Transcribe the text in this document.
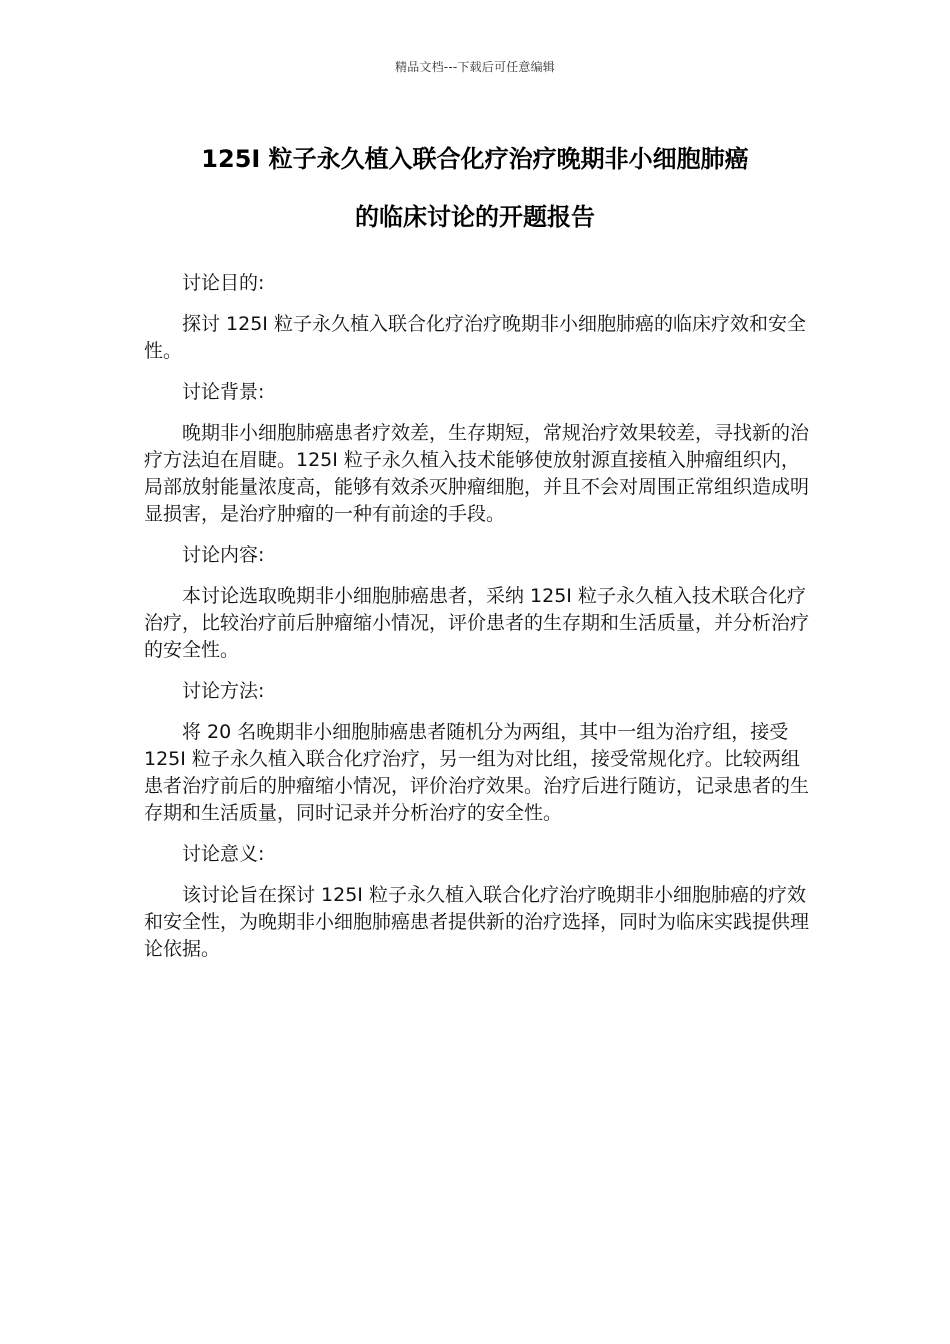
精品文档---下载后可任意编辑
125I 粒子永久植入联合化疗治疗晚期非小细胞肺癌
的临床讨论的开题报告

讨论目的:

探讨 125I 粒子永久植入联合化疗治疗晚期非小细胞肺癌的临床疗效和安全性。

讨论背景:

晚期非小细胞肺癌患者疗效差，生存期短，常规治疗效果较差，寻找新的治疗方法迫在眉睫。125I 粒子永久植入技术能够使放射源直接植入肿瘤组织内，局部放射能量浓度高，能够有效杀灭肿瘤细胞，并且不会对周围正常组织造成明显损害，是治疗肿瘤的一种有前途的手段。

讨论内容:

本讨论选取晚期非小细胞肺癌患者，采纳 125I 粒子永久植入技术联合化疗治疗，比较治疗前后肿瘤缩小情况，评价患者的生存期和生活质量，并分析治疗的安全性。

讨论方法:

将 20 名晚期非小细胞肺癌患者随机分为两组，其中一组为治疗组，接受 125I 粒子永久植入联合化疗治疗，另一组为对比组，接受常规化疗。比较两组患者治疗前后的肿瘤缩小情况，评价治疗效果。治疗后进行随访，记录患者的生存期和生活质量，同时记录并分析治疗的安全性。

讨论意义:

该讨论旨在探讨 125I 粒子永久植入联合化疗治疗晚期非小细胞肺癌的疗效和安全性，为晚期非小细胞肺癌患者提供新的治疗选择，同时为临床实践提供理论依据。
